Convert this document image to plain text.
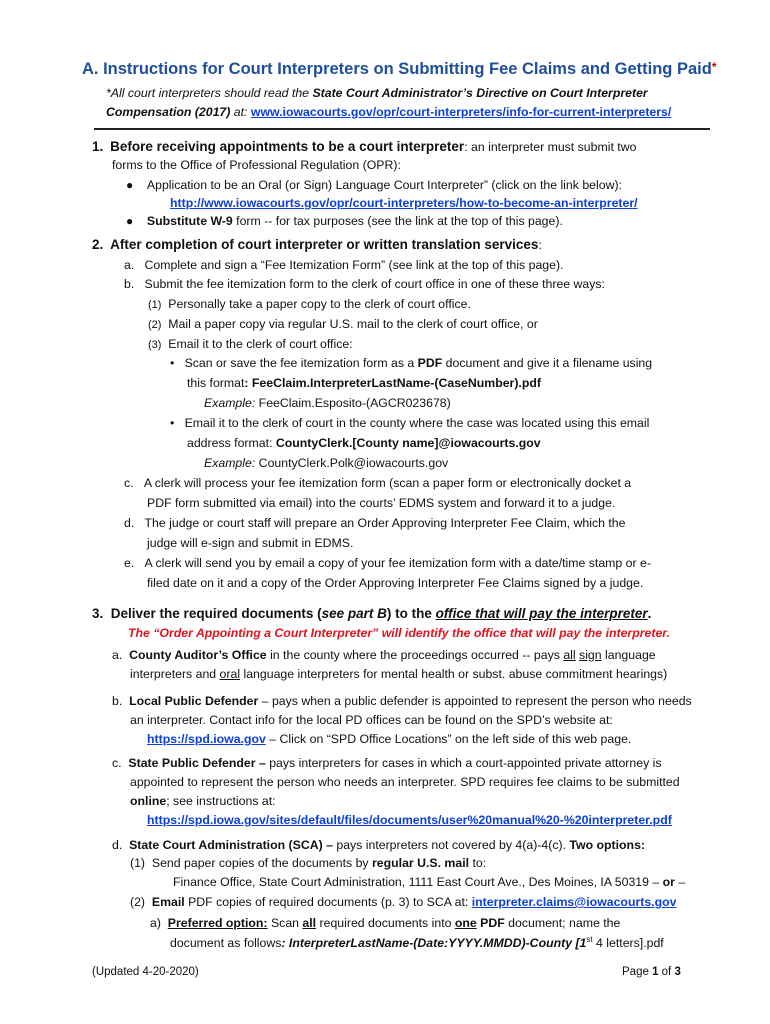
A. Instructions for Court Interpreters on Submitting Fee Claims and Getting Paid*
*All court interpreters should read the State Court Administrator’s Directive on Court Interpreter
Compensation (2017) at: www.iowacourts.gov/opr/court-interpreters/info-for-current-interpreters/
1. Before receiving appointments to be a court interpreter: an interpreter must submit two
forms to the Office of Professional Regulation (OPR):
● Application to be an Oral (or Sign) Language Court Interpreter” (click on the link below):
http://www.iowacourts.gov/opr/court-interpreters/how-to-become-an-interpreter/
● Substitute W-9 form -- for tax purposes (see the link at the top of this page).
2. After completion of court interpreter or written translation services:
a. Complete and sign a “Fee Itemization Form” (see link at the top of this page).
b. Submit the fee itemization form to the clerk of court office in one of these three ways:
(1) Personally take a paper copy to the clerk of court office.
(2) Mail a paper copy via regular U.S. mail to the clerk of court office, or
(3) Email it to the clerk of court office:
•   Scan or save the fee itemization form as a PDF document and give it a filename using
this format: FeeClaim.InterpreterLastName-(CaseNumber).pdf
Example: FeeClaim.Esposito-(AGCR023678)
•   Email it to the clerk of court in the county where the case was located using this email
address format: CountyClerk.[County name]@iowacourts.gov
Example: CountyClerk.Polk@iowacourts.gov
c. A clerk will process your fee itemization form (scan a paper form or electronically docket a
PDF form submitted via email) into the courts’ EDMS system and forward it to a judge.
d. The judge or court staff will prepare an Order Approving Interpreter Fee Claim, which the
judge will e-sign and submit in EDMS.
e. A clerk will send you by email a copy of your fee itemization form with a date/time stamp or e-
filed date on it and a copy of the Order Approving Interpreter Fee Claims signed by a judge.
3. Deliver the required documents (see part B) to the office that will pay the interpreter.
The “Order Appointing a Court Interpreter” will identify the office that will pay the interpreter.
a. County Auditor’s Office in the county where the proceedings occurred -- pays all sign language
interpreters and oral language interpreters for mental health or subst. abuse commitment hearings)
b. Local Public Defender – pays when a public defender is appointed to represent the person who needs
an interpreter. Contact info for the local PD offices can be found on the SPD’s website at:
https://spd.iowa.gov – Click on “SPD Office Locations” on the left side of this web page.
c. State Public Defender – pays interpreters for cases in which a court-appointed private attorney is
appointed to represent the person who needs an interpreter. SPD requires fee claims to be submitted
online; see instructions at:
https://spd.iowa.gov/sites/default/files/documents/user%20manual%20-%20interpreter.pdf
d. State Court Administration (SCA) – pays interpreters not covered by 4(a)-4(c). Two options:
(1) Send paper copies of the documents by regular U.S. mail to:
Finance Office, State Court Administration, 1111 East Court Ave., Des Moines, IA 50319 – or –
(2) Email PDF copies of required documents (p. 3) to SCA at: interpreter.claims@iowacourts.gov
a) Preferred option: Scan all required documents into one PDF document; name the
document as follows: InterpreterLastName-(Date:YYYY.MMDD)-County [1st 4 letters].pdf
(Updated 4-20-2020)	Page 1 of 3
